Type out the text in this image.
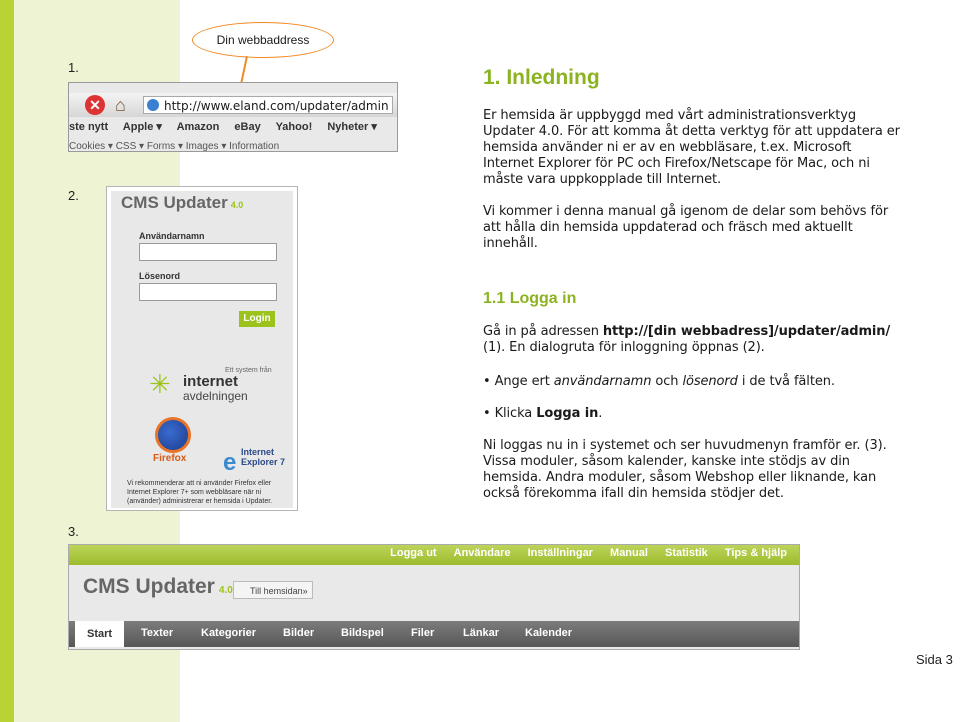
1.
2.
3.
Din webbaddress
✕ ⌂	http://www.eland.com/updater/admin
ste nytt Apple ▾ Amazon eBay Yahoo! Nyheter ▾
Cookies ▾ CSS ▾ Forms ▾ Images ▾ Information
CMS Updater 4.0
Användarnamn
Lösenord
Login
Ett system från
✳ internet
avdelningen
Firefox e Internet Explorer 7
Vi rekommenderar att ni använder Firefox eller Internet Explorer 7+ som webbläsare när ni (använder) administrerar er hemsida i Updater.
1. Inledning

Er hemsida är uppbyggd med vårt administrationsverktyg Updater 4.0. För att komma åt detta verktyg för att uppdatera er hemsida använder ni er av en webbläsare, t.ex. Microsoft Internet Explorer för PC och Firefox/Netscape för Mac, och ni måste vara uppkopplade till Internet.

Vi kommer i denna manual gå igenom de delar som behövs för att hålla din hemsida uppdaterad och fräsch med aktuellt innehåll.

1.1 Logga in

Gå in på adressen http://[din webbadress]/updater/admin/ (1). En dialogruta för inloggning öppnas (2).

• Ange ert användarnamn och lösenord i de två fälten.

• Klicka Logga in.

Ni loggas nu in i systemet och ser huvudmenyn framför er. (3). Vissa moduler, såsom kalender, kanske inte stödjs av din hemsida. Andra moduler, såsom Webshop eller liknande, kan också förekomma ifall din hemsida stödjer det.

Logga ut Användare Inställningar Manual Statistik Tips & hjälp
CMS Updater 4.0	Till hemsidan»
Start	Texter	Kategorier Bilder Bildspel Filer	Länkar Kalender
Sida 3
